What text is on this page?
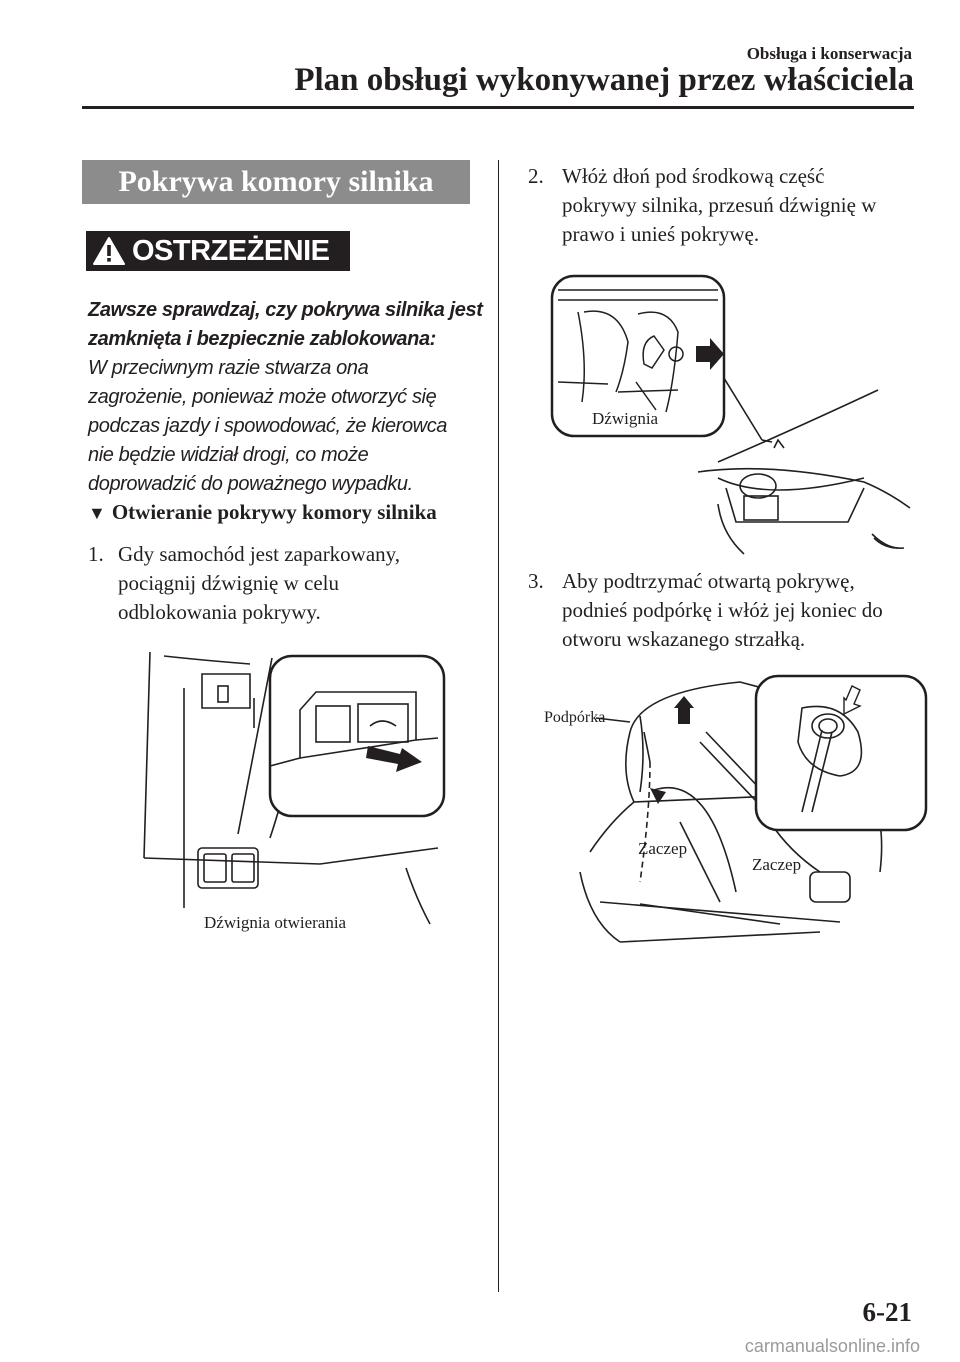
Obsługa i konserwacja
Plan obsługi wykonywanej przez właściciela
Pokrywa komory silnika
OSTRZEŻENIE
Zawsze sprawdzaj, czy pokrywa silnika jest
zamknięta i bezpiecznie zablokowana:
W przeciwnym razie stwarza ona
zagrożenie, ponieważ może otworzyć się
podczas jazdy i spowodować, że kierowca
nie będzie widział drogi, co może
doprowadzić do poważnego wypadku.
▼ Otwieranie pokrywy komory silnika
1. Gdy samochód jest zaparkowany,
pociągnij dźwignię w celu
odblokowania pokrywy.
Dźwignia otwierania
2. Włóż dłoń pod środkową część
pokrywy silnika, przesuń dźwignię w
prawo i unieś pokrywę.
Dźwignia
3. Aby podtrzymać otwartą pokrywę,
podnieś podpórkę i włóż jej koniec do
otworu wskazanego strzałką.
Podpórka
Zaczep
Zaczep
6-21
carmanualsonline.info
